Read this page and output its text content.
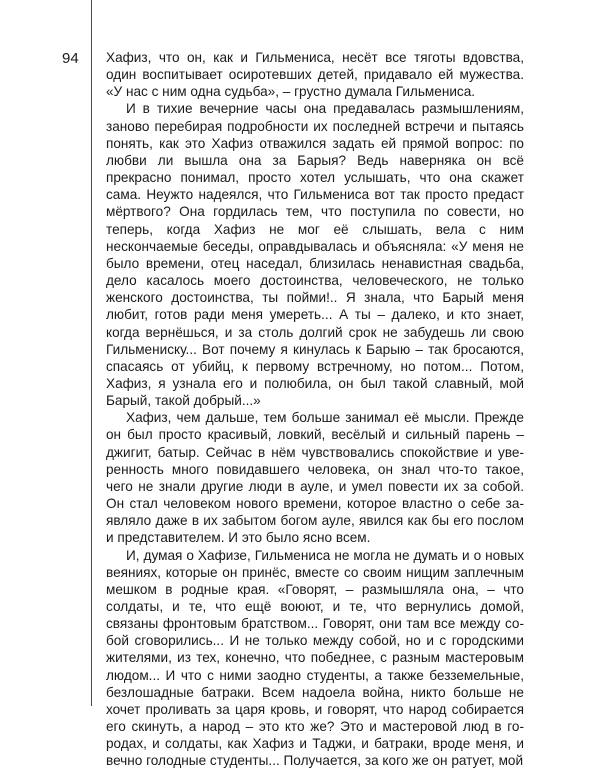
94 Хафиз, что он, как и Гильмениса, несёт все тяготы вдовства, один воспитывает осиротевших детей, придавало ей мужества. «У нас с ним одна судьба», – грустно думала Гильмениса.

И в тихие вечерние часы она предавалась размышлениям, заново перебирая подробности их последней встречи и пытаясь понять, как это Хафиз отважился задать ей прямой вопрос: по любви ли вышла она за Барыя? Ведь наверняка он всё прекрасно понимал, просто хотел услышать, что она скажет сама. Неужто надеялся, что Гильмениса вот так просто предаст мёртвого? Она гордилась тем, что поступила по совести, но теперь, когда Хафиз не мог её слышать, вела с ним нескончаемые беседы, оправдывалась и объясняла: «У меня не было времени, отец наседал, близилась ненавистная свадьба, дело касалось моего достоинства, человеческого, не только женского достоинства, ты пойми!.. Я знала, что Барый меня любит, готов ради меня умереть... А ты – далеко, и кто знает, когда вернёшься, и за столь долгий срок не забудешь ли свою Гильмениску... Вот почему я кинулась к Барыю – так бросаются, спасаясь от убийц, к первому встречному, но потом... Потом, Хафиз, я узнала его и полюбила, он был такой славный, мой Барый, такой добрый...»

Хафиз, чем дальше, тем больше занимал её мысли. Прежде он был просто красивый, ловкий, весёлый и сильный парень – джигит, батыр. Сейчас в нём чувствовались спокойствие и уверенность много повидавшего человека, он знал что-то такое, чего не знали другие люди в ауле, и умел повести их за собой. Он стал человеком нового времени, которое властно о себе заявляло даже в их забытом богом ауле, явился как бы его послом и представителем. И это было ясно всем.

И, думая о Хафизе, Гильмениса не могла не думать и о новых веяниях, которые он принёс, вместе со своим нищим заплечным мешком в родные края. «Говорят, – размышляла она, – что солдаты, и те, что ещё воюют, и те, что вернулись домой, связаны фронтовым братством... Говорят, они там все между собой сговорились... И не только между собой, но и с городскими жителями, из тех, конечно, что победнее, с разным мастеровым людом... И что с ними заодно студенты, а также безземельные, безлошадные батраки. Всем надоела война, никто больше не хочет проливать за царя кровь, и говорят, что народ собирается его скинуть, а народ – это кто же? Это и мастеровой люд в городах, и солдаты, как Хафиз и Таджи, и батраки, вроде меня, и вечно голодные студенты... Получается, за кого же он ратует, мой
